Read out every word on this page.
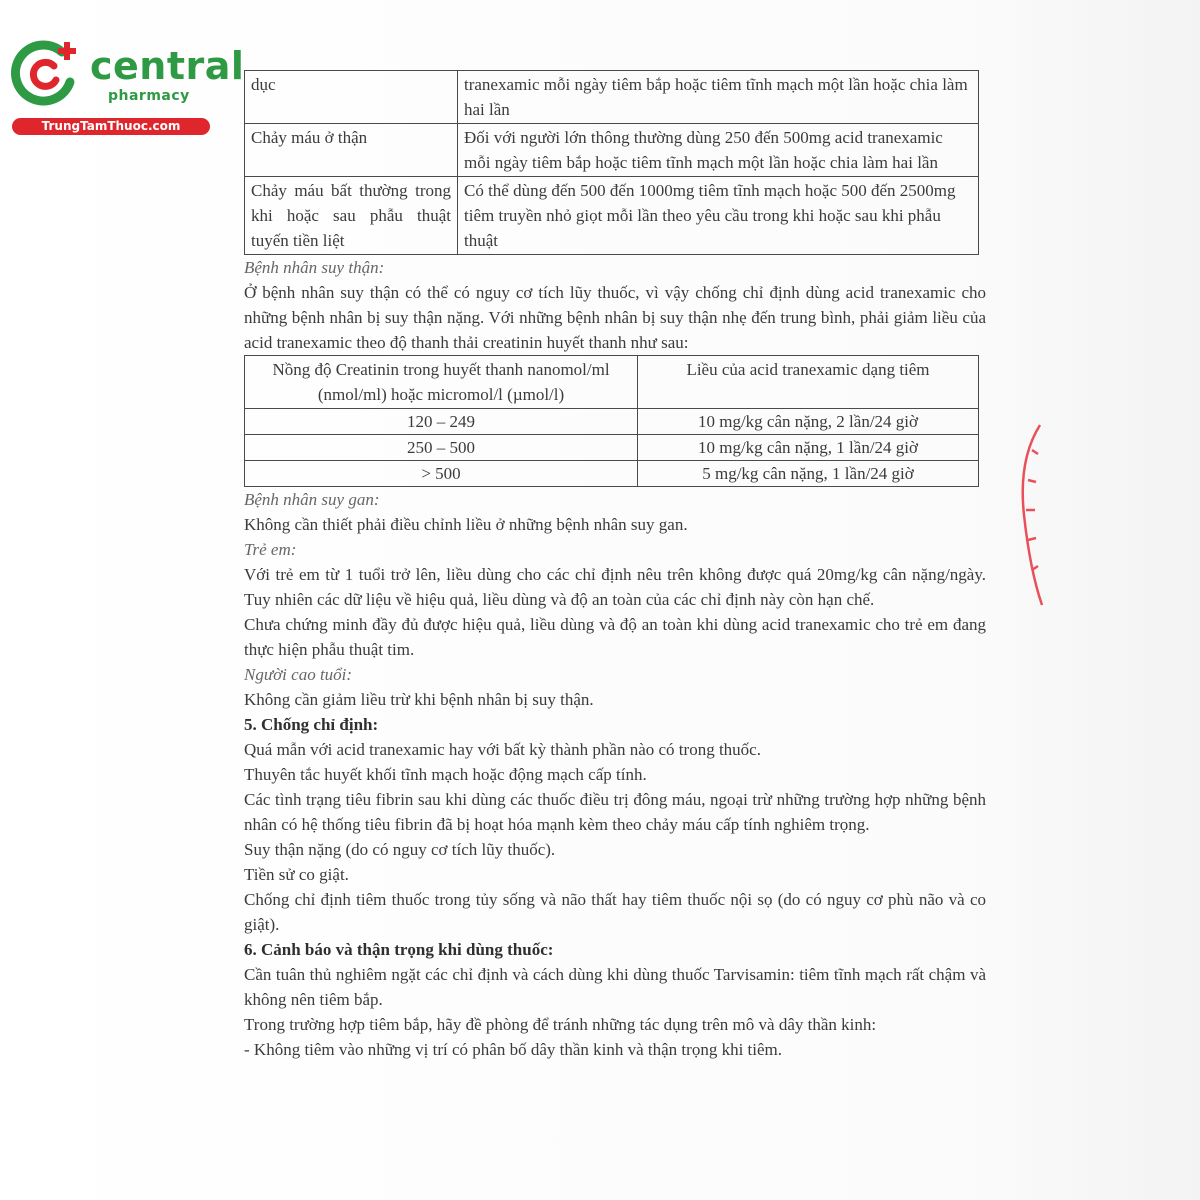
central
pharmacy
TrungTamThuoc.com
dục	tranexamic mỗi ngày tiêm bắp hoặc tiêm tĩnh mạch một lần hoặc chia làm hai lần
Chảy máu ở thận	Đối với người lớn thông thường dùng 250 đến 500mg acid tranexamic mỗi ngày tiêm bắp hoặc tiêm tĩnh mạch một lần hoặc chia làm hai lần
Chảy máu bất thường trong khi hoặc sau phẫu thuật tuyến tiền liệt	Có thể dùng đến 500 đến 1000mg tiêm tĩnh mạch hoặc 500 đến 2500mg tiêm truyền nhỏ giọt mỗi lần theo yêu cầu trong khi hoặc sau khi phẫu thuật

Bệnh nhân suy thận:

Ở bệnh nhân suy thận có thể có nguy cơ tích lũy thuốc, vì vậy chống chỉ định dùng acid tranexamic cho những bệnh nhân bị suy thận nặng. Với những bệnh nhân bị suy thận nhẹ đến trung bình, phải giảm liều của acid tranexamic theo độ thanh thải creatinin huyết thanh như sau:

Nồng độ Creatinin trong huyết thanh nanomol/ml (nmol/ml) hoặc micromol/l (µmol/l)	Liều của acid tranexamic dạng tiêm
120 – 249	10 mg/kg cân nặng, 2 lần/24 giờ
250 – 500	10 mg/kg cân nặng, 1 lần/24 giờ
> 500	5 mg/kg cân nặng, 1 lần/24 giờ

Bệnh nhân suy gan:

Không cần thiết phải điều chỉnh liều ở những bệnh nhân suy gan.

Trẻ em:

Với trẻ em từ 1 tuổi trở lên, liều dùng cho các chỉ định nêu trên không được quá 20mg/kg cân nặng/ngày. Tuy nhiên các dữ liệu về hiệu quả, liều dùng và độ an toàn của các chỉ định này còn hạn chế.

Chưa chứng minh đầy đủ được hiệu quả, liều dùng và độ an toàn khi dùng acid tranexamic cho trẻ em đang thực hiện phẫu thuật tim.

Người cao tuổi:

Không cần giảm liều trừ khi bệnh nhân bị suy thận.

5. Chống chỉ định:

Quá mẫn với acid tranexamic hay với bất kỳ thành phần nào có trong thuốc.

Thuyên tắc huyết khối tĩnh mạch hoặc động mạch cấp tính.

Các tình trạng tiêu fibrin sau khi dùng các thuốc điều trị đông máu, ngoại trừ những trường hợp những bệnh nhân có hệ thống tiêu fibrin đã bị hoạt hóa mạnh kèm theo chảy máu cấp tính nghiêm trọng.

Suy thận nặng (do có nguy cơ tích lũy thuốc).

Tiền sử co giật.

Chống chỉ định tiêm thuốc trong tủy sống và não thất hay tiêm thuốc nội sọ (do có nguy cơ phù não và co giật).

6. Cảnh báo và thận trọng khi dùng thuốc:

Cần tuân thủ nghiêm ngặt các chỉ định và cách dùng khi dùng thuốc Tarvisamin: tiêm tĩnh mạch rất chậm và không nên tiêm bắp.

Trong trường hợp tiêm bắp, hãy đề phòng để tránh những tác dụng trên mô và dây thần kinh:

- Không tiêm vào những vị trí có phân bố dây thần kinh và thận trọng khi tiêm.
